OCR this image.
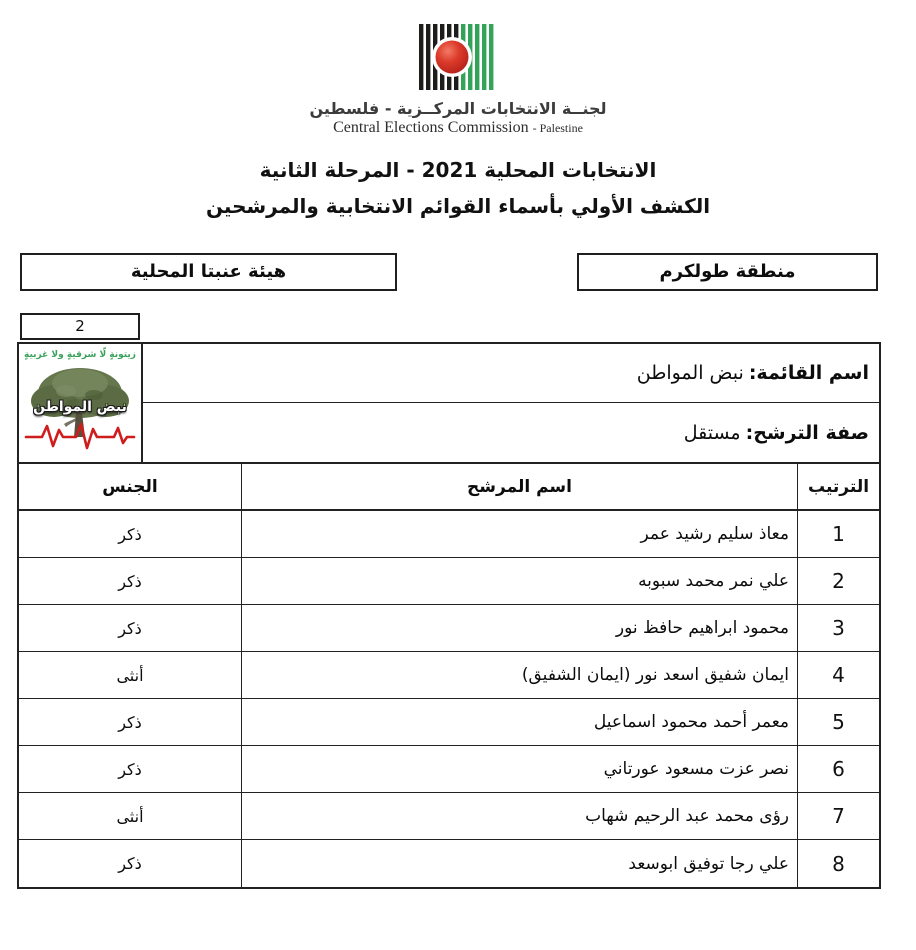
لجنــة الانتخابات المركــزية - فلسطين
Central Elections Commission - Palestine
الانتخابات المحلية 2021 - المرحلة الثانية
الكشف الأولي بأسماء القوائم الانتخابية والمرشحين
منطقة طولكرم
هيئة عنبتا المحلية
2
اسم القائمة:
نبض المواطن
صفة الترشح:
مستقل
زيتونةٍ لّا شرقيةٍ ولا غربيةٍ
نبض المواطن
الترتيب
اسم المرشح
الجنس
1
معاذ سليم رشيد عمر
ذكر
2
علي نمر محمد سبوبه
ذكر
3
محمود ابراهيم حافظ نور
ذكر
4
ايمان شفيق اسعد نور (ايمان الشفيق)
أنثى
5
معمر أحمد محمود اسماعيل
ذكر
6
نصر عزت مسعود عورتاني
ذكر
7
رؤى محمد عبد الرحيم شهاب
أنثى
8
علي رجا توفيق ابوسعد
ذكر
